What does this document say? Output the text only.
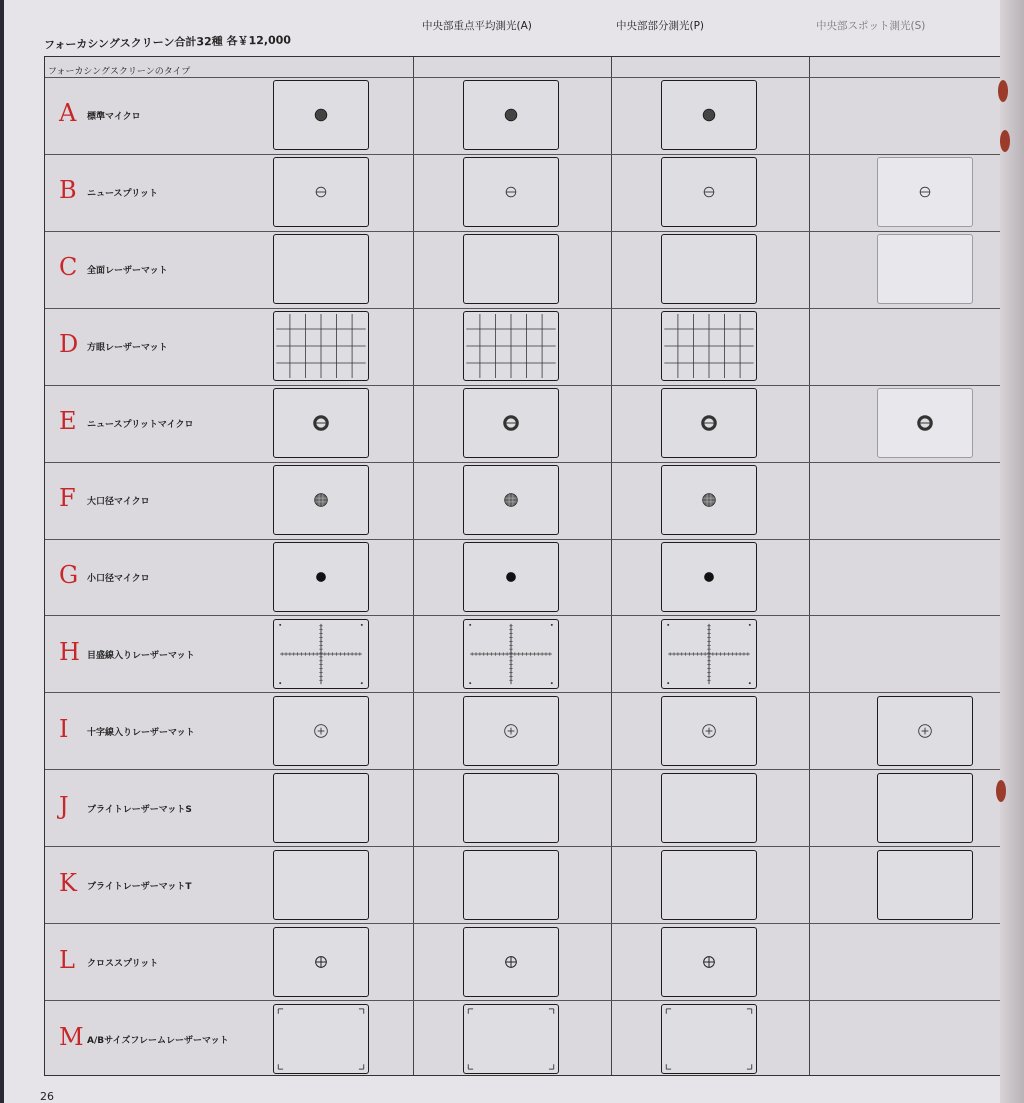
フォーカシングスクリーン合計32種 各￥12,000
中央部重点平均測光(A)	中央部部分測光(P)	中央部スポット測光(S)
A 標準マイクロ
B ニュースプリット
C 全面レーザーマット
D 方眼レーザーマット
E ニュースプリットマイクロ
F 大口径マイクロ
G 小口径マイクロ
H 目盛線入りレーザーマット
I 十字線入りレーザーマット
J ブライトレーザーマットS
K ブライトレーザーマットT
L クロススプリット
M A/Bサイズフレームレーザーマット
フォーカシングスクリーンのタイプ
26
